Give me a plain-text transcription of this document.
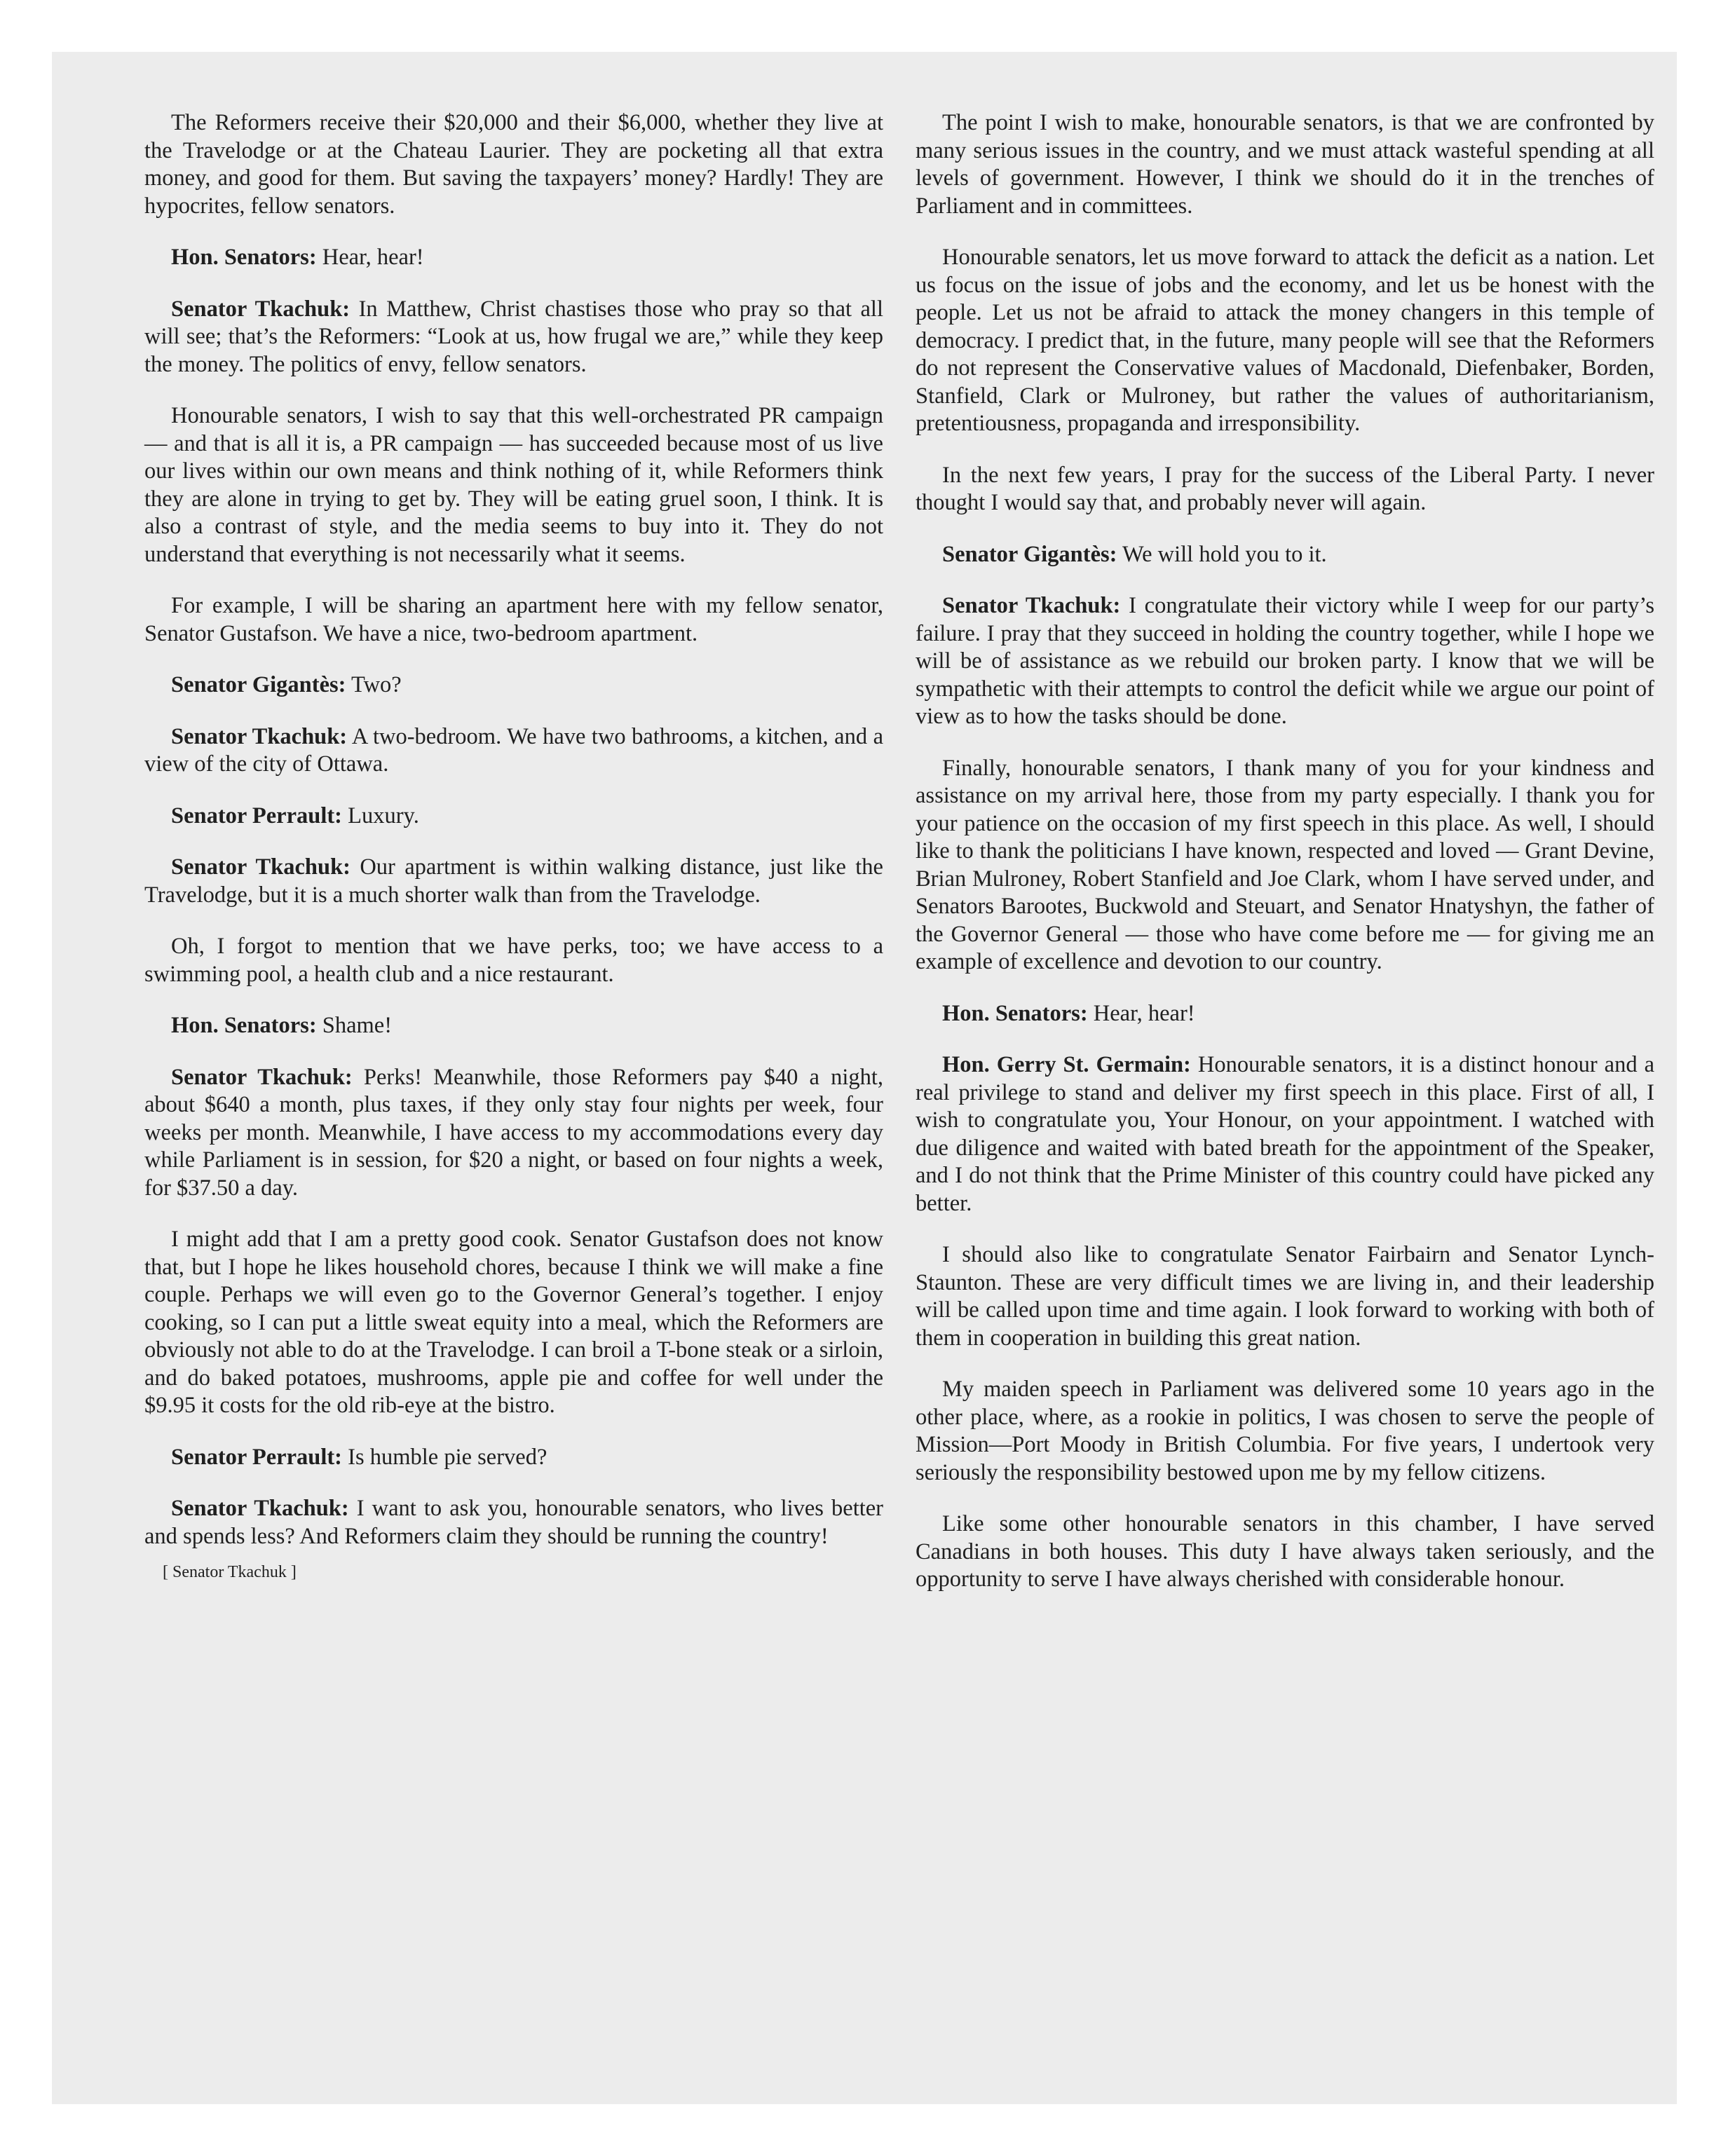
The Reformers receive their $20,000 and their $6,000, whether they live at the Travelodge or at the Chateau Laurier. They are pocketing all that extra money, and good for them. But saving the taxpayers’ money? Hardly! They are hypocrites, fellow senators.

Hon. Senators: Hear, hear!

Senator Tkachuk: In Matthew, Christ chastises those who pray so that all will see; that’s the Reformers: “Look at us, how frugal we are,” while they keep the money. The politics of envy, fellow senators.

Honourable senators, I wish to say that this well-orchestrated PR campaign — and that is all it is, a PR campaign — has succeeded because most of us live our lives within our own means and think nothing of it, while Reformers think they are alone in trying to get by. They will be eating gruel soon, I think. It is also a contrast of style, and the media seems to buy into it. They do not understand that everything is not necessarily what it seems.

For example, I will be sharing an apartment here with my fellow senator, Senator Gustafson. We have a nice, two-bedroom apartment.

Senator Gigantès: Two?

Senator Tkachuk: A two-bedroom. We have two bathrooms, a kitchen, and a view of the city of Ottawa.

Senator Perrault: Luxury.

Senator Tkachuk: Our apartment is within walking distance, just like the Travelodge, but it is a much shorter walk than from the Travelodge.

Oh, I forgot to mention that we have perks, too; we have access to a swimming pool, a health club and a nice restaurant.

Hon. Senators: Shame!

Senator Tkachuk: Perks! Meanwhile, those Reformers pay $40 a night, about $640 a month, plus taxes, if they only stay four nights per week, four weeks per month. Meanwhile, I have access to my accommodations every day while Parliament is in session, for $20 a night, or based on four nights a week, for $37.50 a day.

I might add that I am a pretty good cook. Senator Gustafson does not know that, but I hope he likes household chores, because I think we will make a fine couple. Perhaps we will even go to the Governor General’s together. I enjoy cooking, so I can put a little sweat equity into a meal, which the Reformers are obviously not able to do at the Travelodge. I can broil a T-bone steak or a sirloin, and do baked potatoes, mushrooms, apple pie and coffee for well under the $9.95 it costs for the old rib-eye at the bistro.

Senator Perrault: Is humble pie served?

Senator Tkachuk: I want to ask you, honourable senators, who lives better and spends less? And Reformers claim they should be running the country!

[ Senator Tkachuk ]

The point I wish to make, honourable senators, is that we are confronted by many serious issues in the country, and we must attack wasteful spending at all levels of government. However, I think we should do it in the trenches of Parliament and in committees.

Honourable senators, let us move forward to attack the deficit as a nation. Let us focus on the issue of jobs and the economy, and let us be honest with the people. Let us not be afraid to attack the money changers in this temple of democracy. I predict that, in the future, many people will see that the Reformers do not represent the Conservative values of Macdonald, Diefenbaker, Borden, Stanfield, Clark or Mulroney, but rather the values of authoritarianism, pretentiousness, propaganda and irresponsibility.

In the next few years, I pray for the success of the Liberal Party. I never thought I would say that, and probably never will again.

Senator Gigantès: We will hold you to it.

Senator Tkachuk: I congratulate their victory while I weep for our party’s failure. I pray that they succeed in holding the country together, while I hope we will be of assistance as we rebuild our broken party. I know that we will be sympathetic with their attempts to control the deficit while we argue our point of view as to how the tasks should be done.

Finally, honourable senators, I thank many of you for your kindness and assistance on my arrival here, those from my party especially. I thank you for your patience on the occasion of my first speech in this place. As well, I should like to thank the politicians I have known, respected and loved — Grant Devine, Brian Mulroney, Robert Stanfield and Joe Clark, whom I have served under, and Senators Barootes, Buckwold and Steuart, and Senator Hnatyshyn, the father of the Governor General — those who have come before me — for giving me an example of excellence and devotion to our country.

Hon. Senators: Hear, hear!

Hon. Gerry St. Germain: Honourable senators, it is a distinct honour and a real privilege to stand and deliver my first speech in this place. First of all, I wish to congratulate you, Your Honour, on your appointment. I watched with due diligence and waited with bated breath for the appointment of the Speaker, and I do not think that the Prime Minister of this country could have picked any better.

I should also like to congratulate Senator Fairbairn and Senator Lynch-Staunton. These are very difficult times we are living in, and their leadership will be called upon time and time again. I look forward to working with both of them in cooperation in building this great nation.

My maiden speech in Parliament was delivered some 10 years ago in the other place, where, as a rookie in politics, I was chosen to serve the people of Mission—Port Moody in British Columbia. For five years, I undertook very seriously the responsibility bestowed upon me by my fellow citizens.

Like some other honourable senators in this chamber, I have served Canadians in both houses. This duty I have always taken seriously, and the opportunity to serve I have always cherished with considerable honour.
